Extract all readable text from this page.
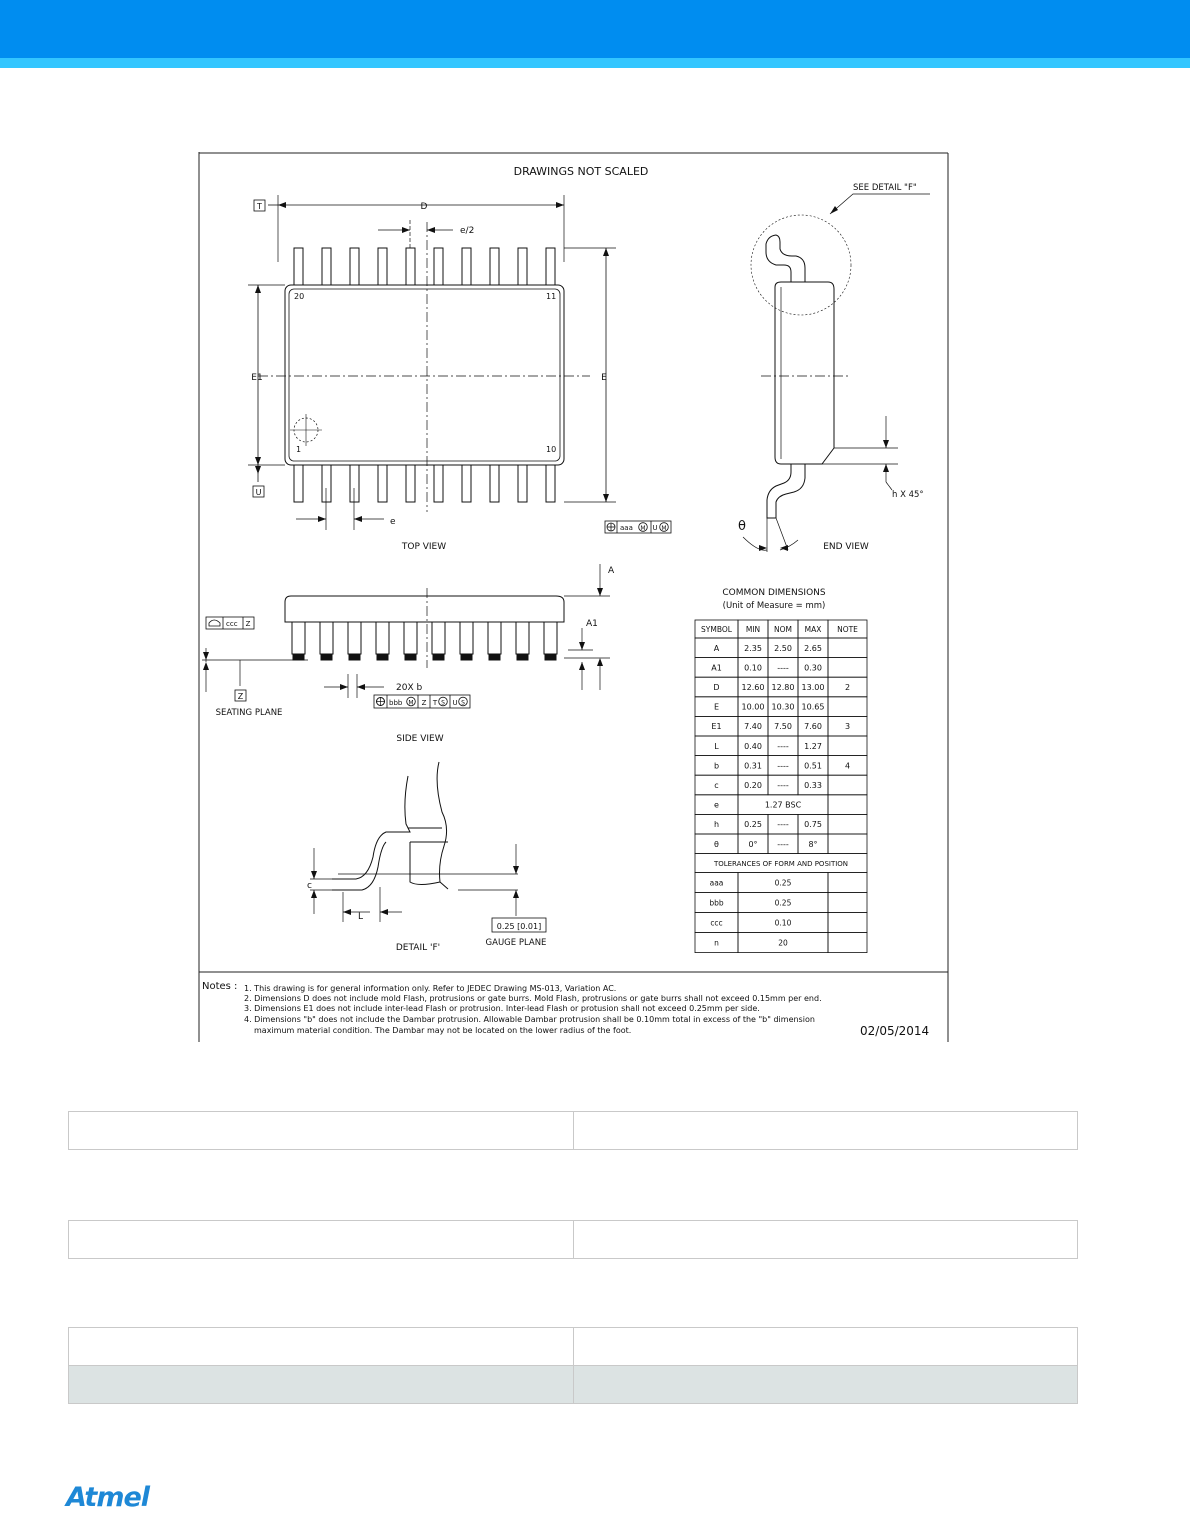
DRAWINGS NOT SCALED
T
U
D
e/2
E1	E
e
20	11
1	10
TOP VIEW
aaa M U M
SEE DETAIL "F"
h X 45°
θ
END VIEW
A
A1
ccc Z
Z
SEATING PLANE
20X b
bbb M Z T S U S
SIDE VIEW
c
L
0.25 [0.01]
GAUGE PLANE
DETAIL 'F'
COMMON DIMENSIONS
(Unit of Measure = mm)
SYMBOL MIN NOM MAX NOTE
A	2.35 2.50 2.65
A1	0.10 ---- 0.30
D	12.60 12.80 13.00	2
E	10.00 10.30 10.65
E1	7.40 7.50 7.60	3
L	0.40 ---- 1.27
b	0.31 ---- 0.51	4
c	0.20 ---- 0.33
e	1.27 BSC
h	0.25 ---- 0.75
θ	0° ---- 8°
TOLERANCES OF FORM AND POSITION
aaa	0.25
bbb	0.25
ccc	0.10
n	20
Notes : 1. This drawing is for general information only. Refer to JEDEC Drawing MS-013, Variation AC.
2. Dimensions D does not include mold Flash, protrusions or gate burrs. Mold Flash, protrusions or gate burrs shall not exceed 0.15mm per end.
3. Dimensions E1 does not include inter-lead Flash or protrusion. Inter-lead Flash or protusion shall not exceed 0.25mm per side.
4. Dimensions "b" does not include the Dambar protrusion. Allowable Dambar protrusion shall be 0.10mm total in excess of the "b" dimension
maximum material condition. The Dambar may not be located on the lower radius of the foot.	02/05/2014

Atmel
